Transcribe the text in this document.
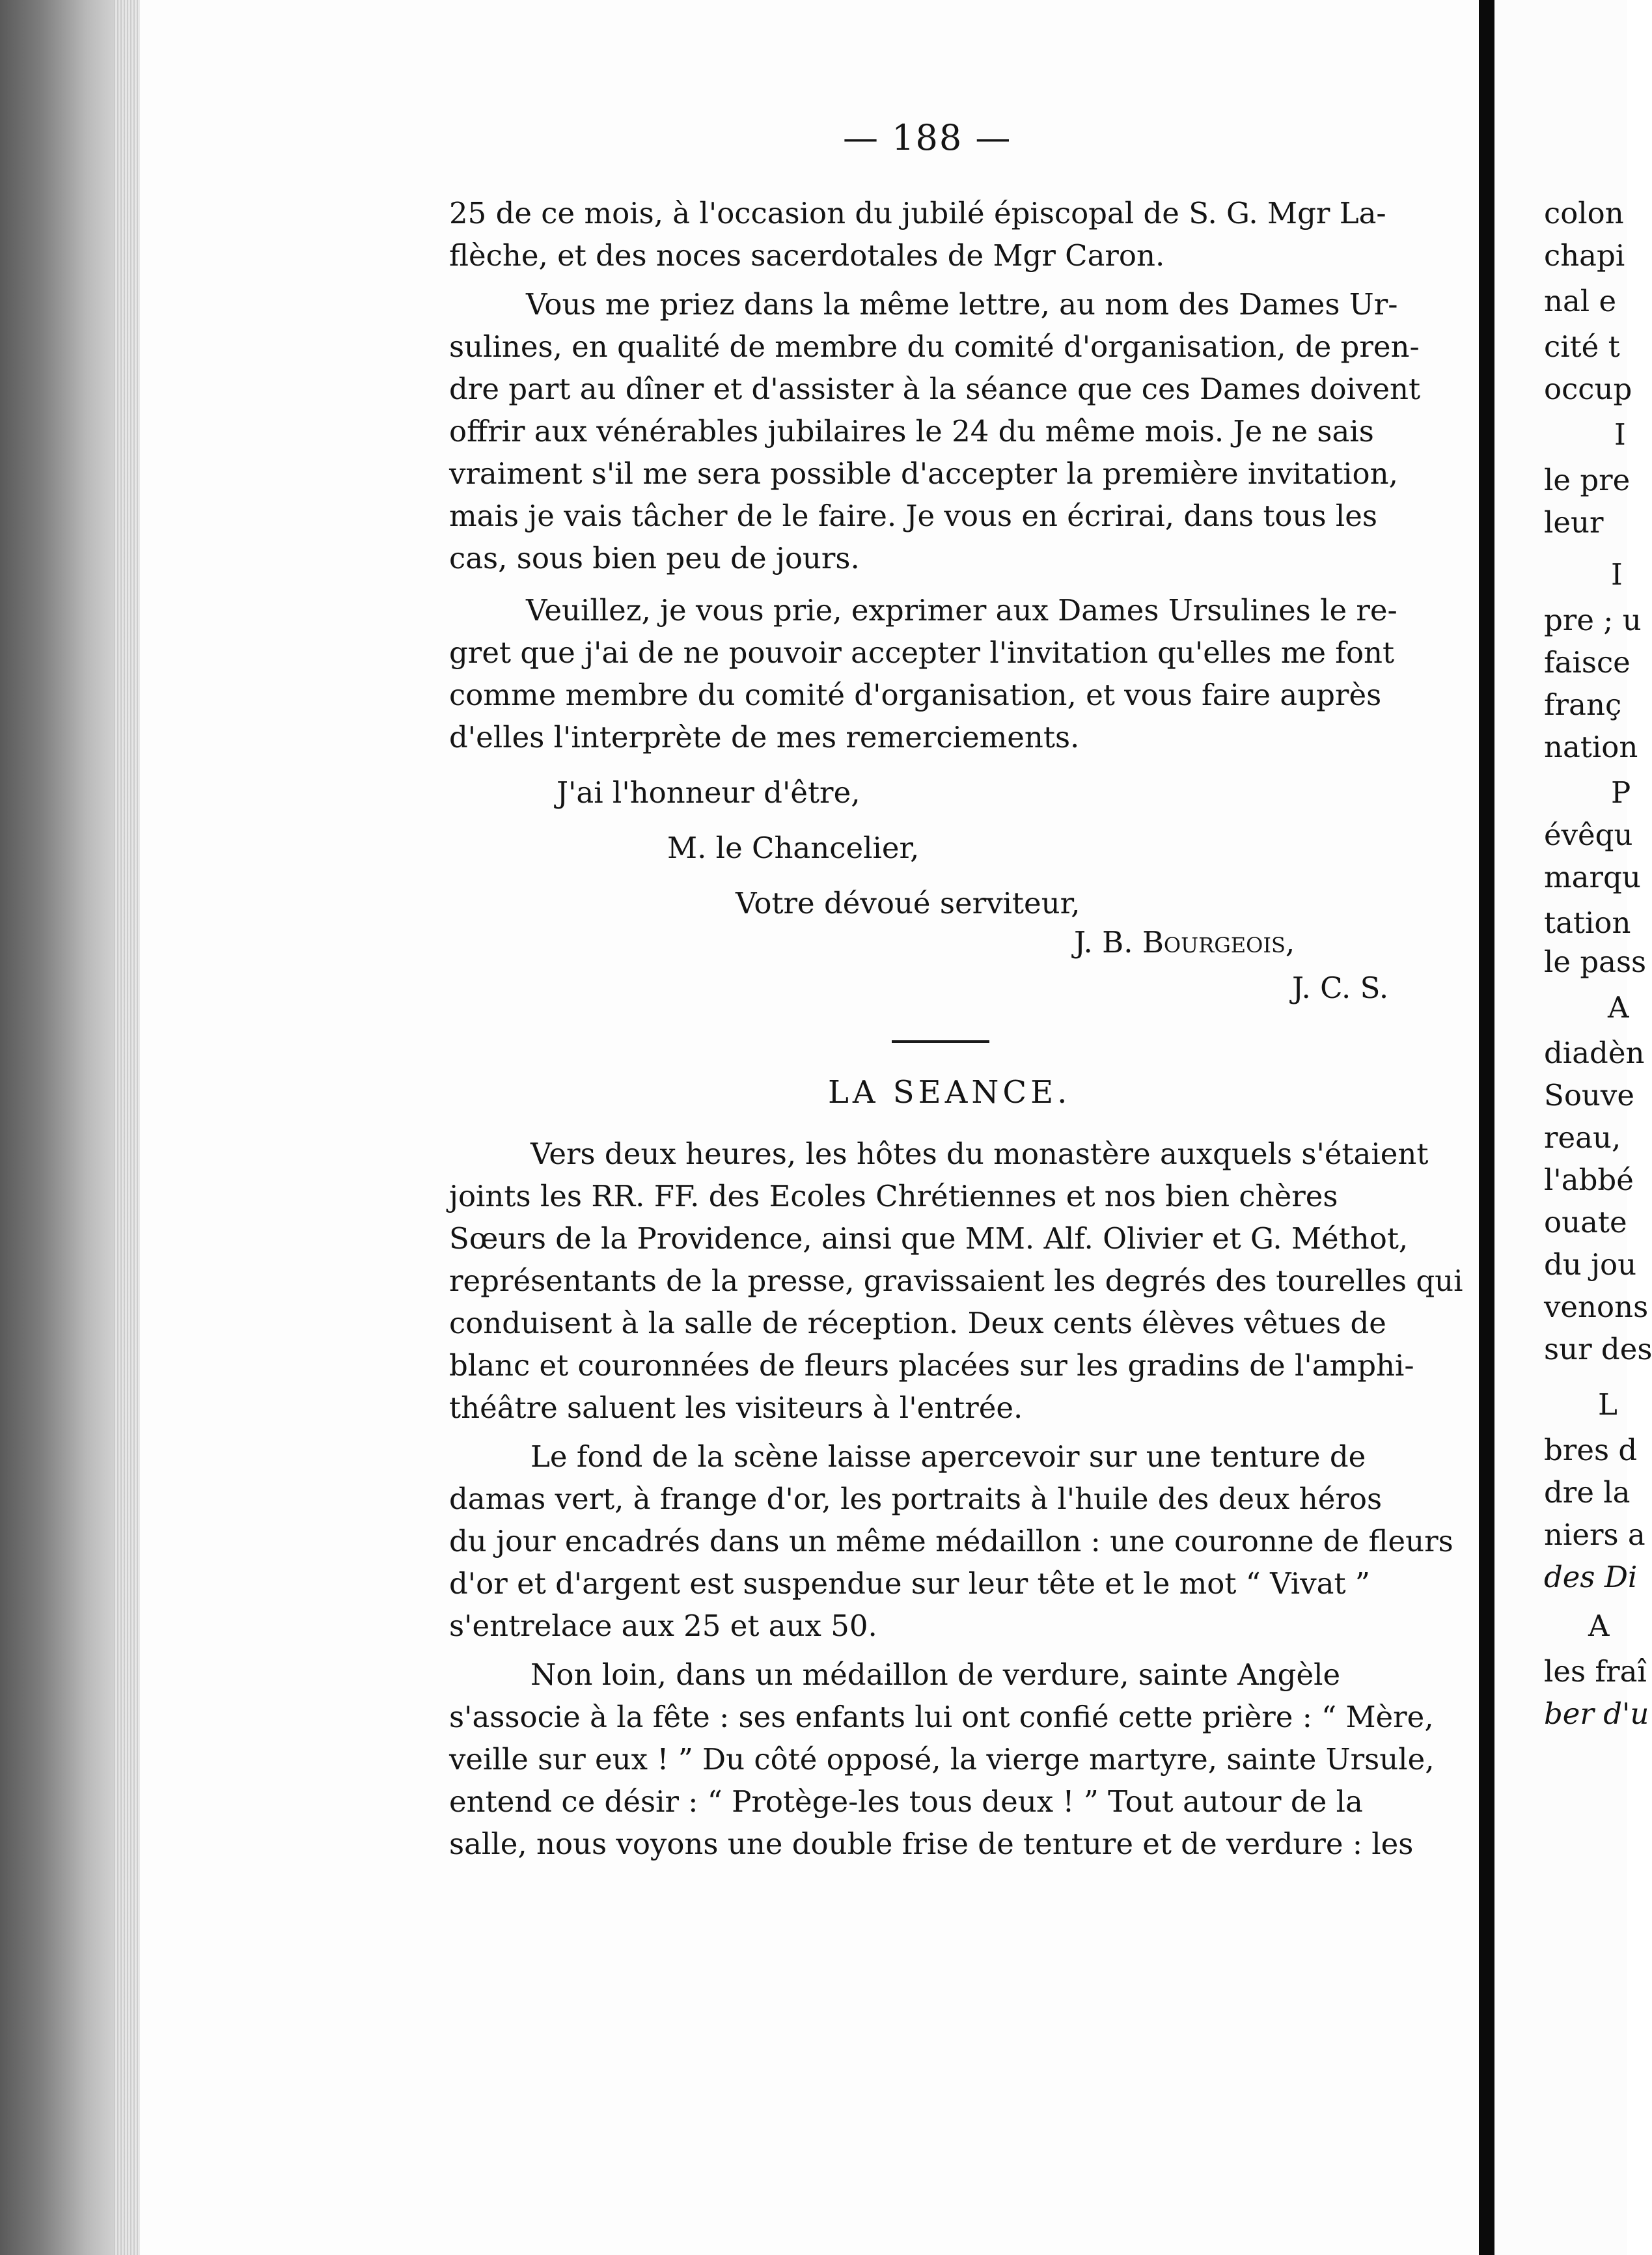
— 188 —
25 de ce mois, à l'occasion du jubilé épiscopal de S. G. Mgr La-
flèche, et des noces sacerdotales de Mgr Caron.
Vous me priez dans la même lettre, au nom des Dames Ur-
sulines, en qualité de membre du comité d'organisation, de pren-
dre part au dîner et d'assister à la séance que ces Dames doivent
offrir aux vénérables jubilaires le 24 du même mois. Je ne sais
vraiment s'il me sera possible d'accepter la première invitation,
mais je vais tâcher de le faire. Je vous en écrirai, dans tous les
cas, sous bien peu de jours.
Veuillez, je vous prie, exprimer aux Dames Ursulines le re-
gret que j'ai de ne pouvoir accepter l'invitation qu'elles me font
comme membre du comité d'organisation, et vous faire auprès
d'elles l'interprète de mes remerciements.
J'ai l'honneur d'être,
M. le Chancelier,
Votre dévoué serviteur,
J. B. Bourgeois,
J. C. S.
LA SEANCE.
Vers deux heures, les hôtes du monastère auxquels s'étaient
joints les RR. FF. des Ecoles Chrétiennes et nos bien chères
Sœurs de la Providence, ainsi que MM. Alf. Olivier et G. Méthot,
représentants de la presse, gravissaient les degrés des tourelles qui
conduisent à la salle de réception. Deux cents élèves vêtues de
blanc et couronnées de fleurs placées sur les gradins de l'amphi-
théâtre saluent les visiteurs à l'entrée.
Le fond de la scène laisse apercevoir sur une tenture de
damas vert, à frange d'or, les portraits à l'huile des deux héros
du jour encadrés dans un même médaillon : une couronne de fleurs
d'or et d'argent est suspendue sur leur tête et le mot “ Vivat ”
s'entrelace aux 25 et aux 50.
Non loin, dans un médaillon de verdure, sainte Angèle
s'associe à la fête : ses enfants lui ont confié cette prière : “ Mère,
veille sur eux ! ” Du côté opposé, la vierge martyre, sainte Ursule,
entend ce désir : “ Protège-les tous deux ! ” Tout autour de la
salle, nous voyons une double frise de tenture et de verdure : les
colon
chapi
nal e
cité t
occup
I
le pre
leur
I
pre ; u
faisce
franç
nation
P
évêqu
marqu
tation
le pass
A
diadèn
Souve
reau,
l'abbé
ouate
du jou
venons
sur des
L
bres d
dre la
niers a
des Di
A
les fraî
ber d'u
